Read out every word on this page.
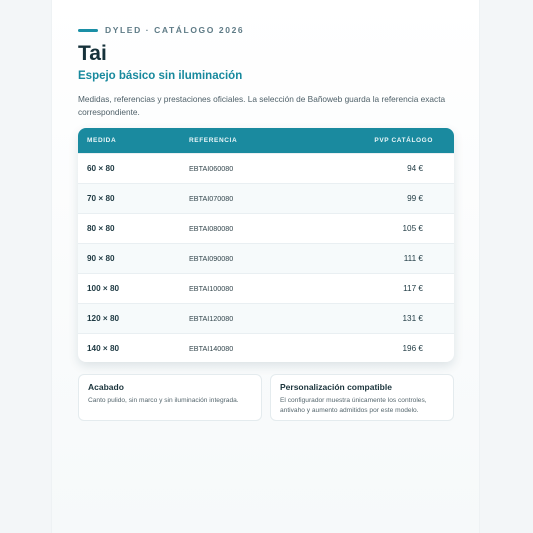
DYLED · CATÁLOGO 2026
Tai
Espejo básico sin iluminación

Medidas, referencias y prestaciones oficiales. La selección de Bañoweb guarda la referencia exacta correspondiente.

MEDIDA	REFERENCIA	PVP CATÁLOGO
60 × 80	EBTAI060080	94 €
70 × 80	EBTAI070080	99 €
80 × 80	EBTAI080080	105 €
90 × 80	EBTAI090080	111 €
100 × 80	EBTAI100080	117 €
120 × 80	EBTAI120080	131 €
140 × 80	EBTAI140080	196 €
Acabado

Canto pulido, sin marco y sin iluminación integrada.

Personalización compatible

El configurador muestra únicamente los controles, antivaho y aumento admitidos por este modelo.
